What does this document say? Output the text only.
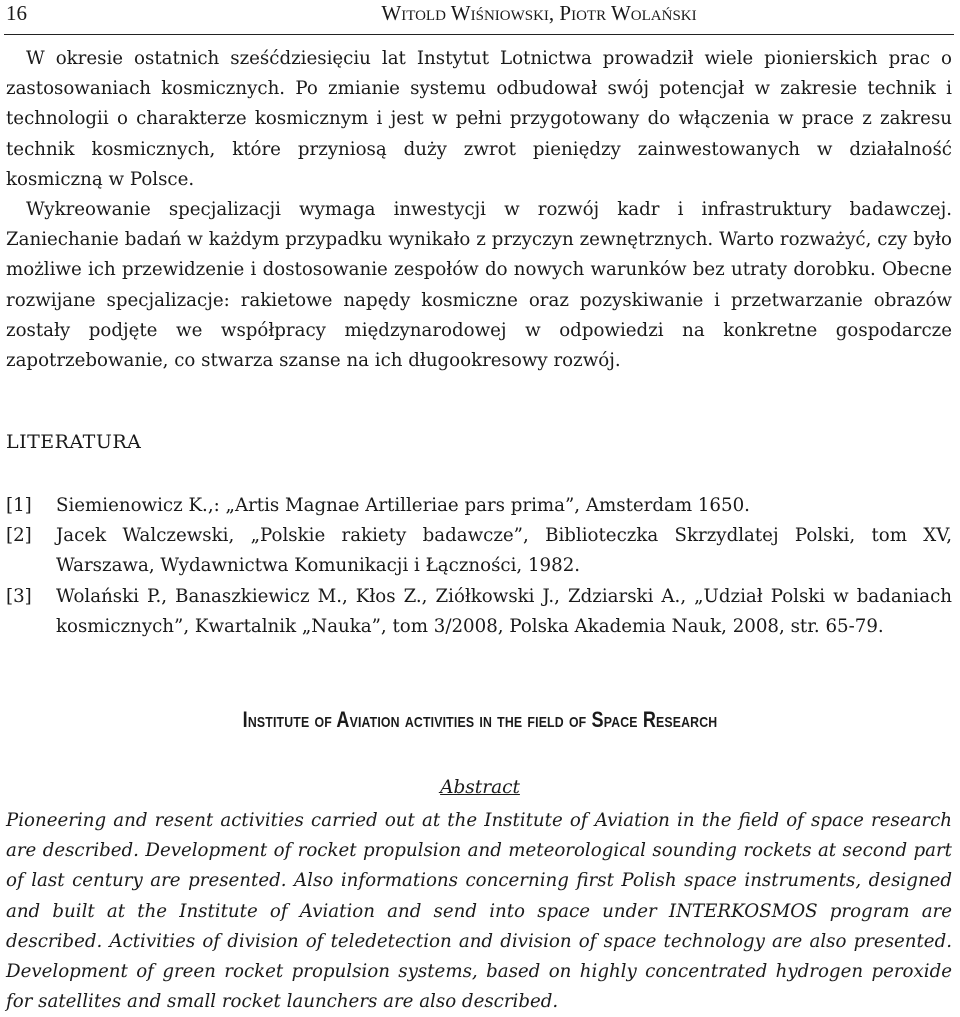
16	Witold Wiśniowski, Piotr Wolański

W okresie ostatnich sześćdziesięciu lat Instytut Lotnictwa prowadził wiele pionierskich prac o zastosowaniach kosmicznych. Po zmianie systemu odbudował swój potencjał w zakresie technik i technologii o charakterze kosmicznym i jest w pełni przygotowany do włączenia w prace z zakresu technik kosmicznych, które przyniosą duży zwrot pieniędzy zainwestowanych w działalność kosmiczną w Polsce.

Wykreowanie specjalizacji wymaga inwestycji w rozwój kadr i infrastruktury badawczej. Zaniechanie badań w każdym przypadku wynikało z przyczyn zewnętrznych. Warto rozważyć, czy było możliwe ich przewidzenie i dostosowanie zespołów do nowych warunków bez utraty dorobku. Obecne rozwijane specjalizacje: rakietowe napędy kosmiczne oraz pozyskiwanie i przetwarzanie obrazów zostały podjęte we współpracy międzynarodowej w odpowiedzi na konkretne gospodarcze zapotrzebowanie, co stwarza szanse na ich długookresowy rozwój.

LITERATURA
[1]	Siemienowicz K.,: „Artis Magnae Artilleriae pars prima”, Amsterdam 1650.
[2]	Jacek Walczewski, „Polskie rakiety badawcze”, Biblioteczka Skrzydlatej Polski, tom XV, Warszawa, Wydawnictwa Komunikacji i Łączności, 1982.
[3]	Wolański P., Banaszkiewicz M., Kłos Z., Ziółkowski J., Zdziarski A., „Udział Polski w badaniach kosmicznych”, Kwartalnik „Nauka”, tom 3/2008, Polska Akademia Nauk, 2008, str. 65-79.
Institute of Aviation activities in the field of Space Research
Abstract

Pioneering and resent activities carried out at the Institute of Aviation in the field of space research are described. Development of rocket propulsion and meteorological sounding rockets at second part of last century are presented. Also informations concerning first Polish space instruments, designed and built at the Institute of Aviation and send into space under INTERKOSMOS program are described. Activities of division of teledetection and division of space technology are also presented. Development of green rocket propulsion systems, based on highly concentrated hydrogen peroxide for satellites and small rocket launchers are also described.
